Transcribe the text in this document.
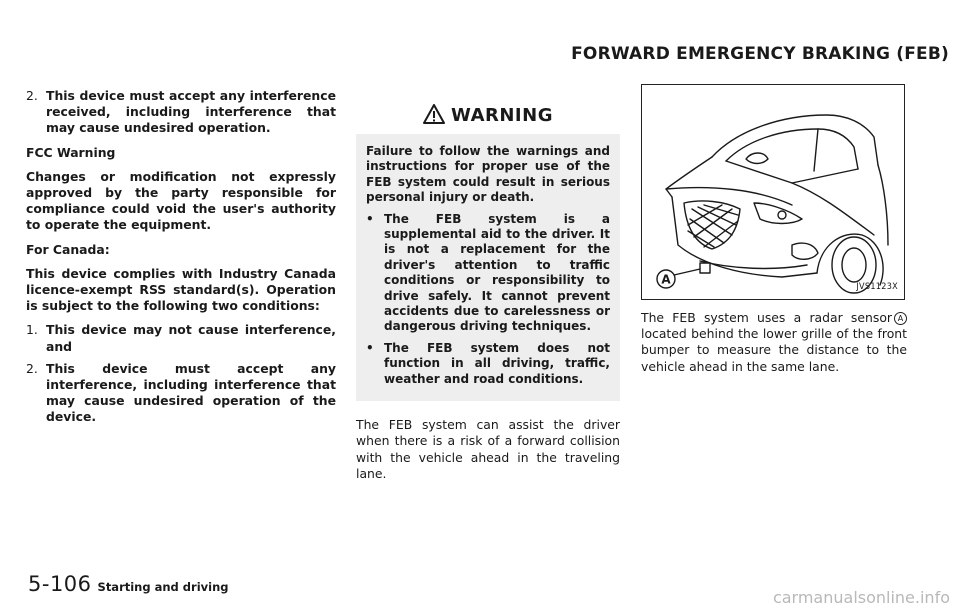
FORWARD EMERGENCY BRAKING (FEB)
2. This device must accept any interference received, including interference that may cause undesired operation.

FCC Warning

Changes or modification not expressly approved by the party responsible for compliance could void the user's authority to operate the equipment.

For Canada:

This device complies with Industry Canada licence-exempt RSS standard(s). Operation is subject to the following two conditions:

1. This device may not cause interference, and
2. This device must accept any interference, including interference that may cause undesired operation of the device.
WARNING

Failure to follow the warnings and instructions for proper use of the FEB system could result in serious personal injury or death.

• The FEB system is a supplemental aid to the driver. It is not a replacement for the driver's attention to traffic conditions or responsibility to drive safely. It cannot prevent accidents due to carelessness or dangerous driving techniques.
• The FEB system does not function in all driving, traffic, weather and road conditions.

The FEB system can assist the driver when there is a risk of a forward collision with the vehicle ahead in the traveling lane.

A
JVS1123X

The FEB system uses a radar sensor A located behind the lower grille of the front bumper to measure the distance to the vehicle ahead in the same lane.

5-106 Starting and driving
carmanualsonline.info
